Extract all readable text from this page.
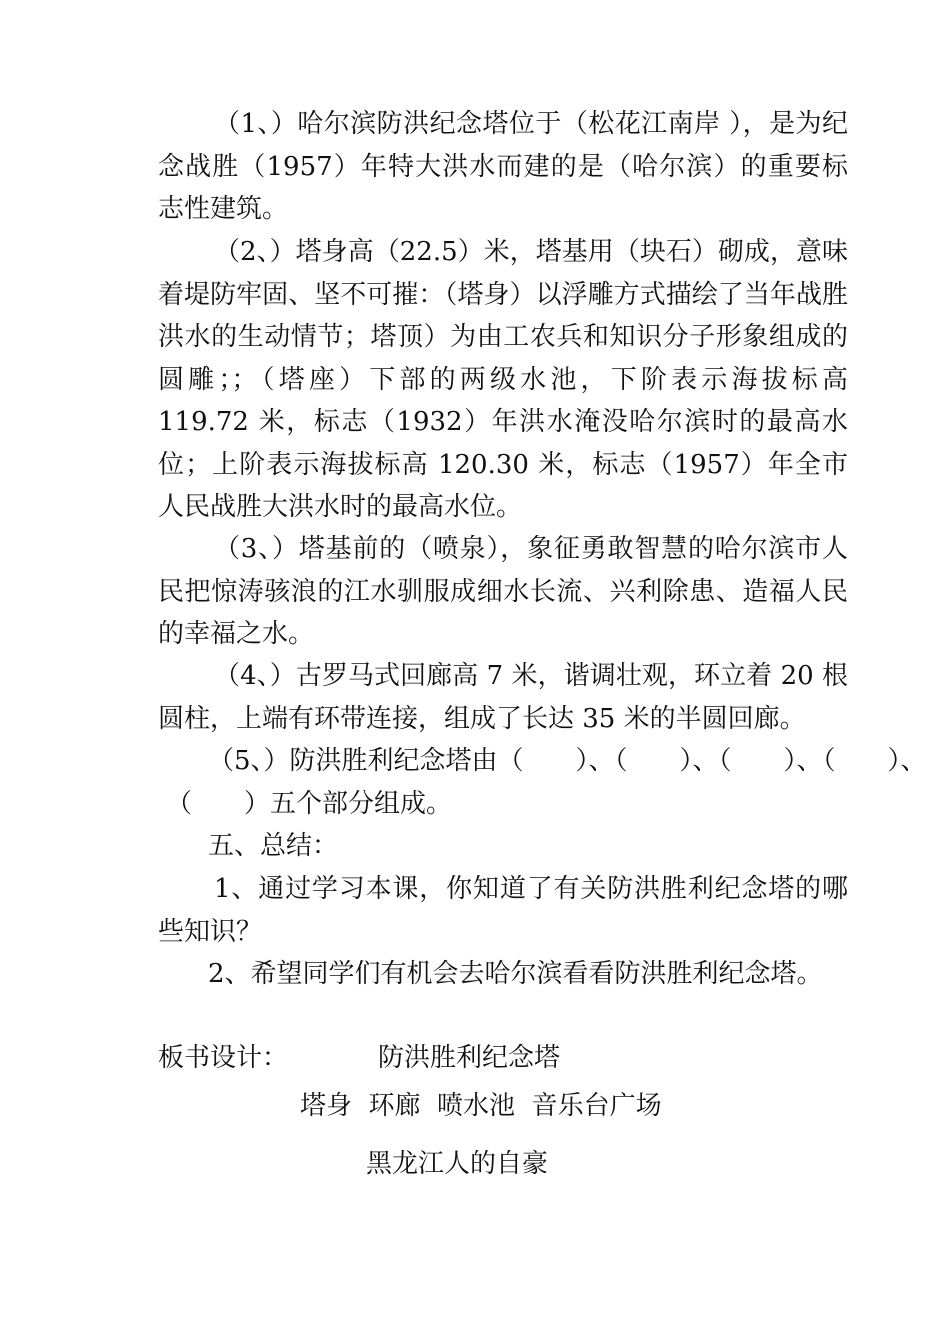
（1、）哈尔滨防洪纪念塔位于（松花江南岸 ），是为纪念战胜（1957）年特大洪水而建的是（哈尔滨）的重要标志性建筑。

（2、）塔身高（22.5）米，塔基用（块石）砌成，意味着堤防牢固、坚不可摧：（塔身）以浮雕方式描绘了当年战胜洪水的生动情节；塔顶）为由工农兵和知识分子形象组成的圆雕；；（塔座）下部的两级水池，下阶表示海拔标高 119.72 米，标志（1932）年洪水淹没哈尔滨时的最高水位；上阶表示海拔标高 120.30 米，标志（1957）年全市人民战胜大洪水时的最高水位。

（3、）塔基前的（喷泉），象征勇敢智慧的哈尔滨市人民把惊涛骇浪的江水驯服成细水长流、兴利除患、造福人民的幸福之水。

（4、）古罗马式回廊高 7 米，谐调壮观，环立着 20 根圆柱，上端有环带连接，组成了长达 35 米的半圆回廊。

（5、）防洪胜利纪念塔由（　　）、（　　）、（　　）、（　　）、

（　　）五个部分组成。

五、总结：

1、通过学习本课，你知道了有关防洪胜利纪念塔的哪些知识？

2、希望同学们有机会去哈尔滨看看防洪胜利纪念塔。

板书设计：	防洪胜利纪念塔

塔身  环廊  喷水池  音乐台广场

黑龙江人的自豪
